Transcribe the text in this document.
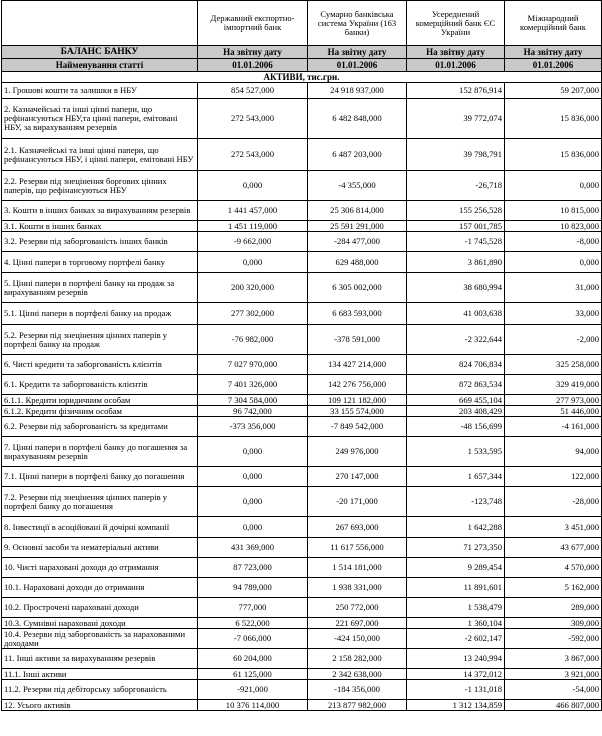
	Державний експортно-імпортний банк	Сумарно банківська система України (163 банки)	Усереднений комерційний банк ЄС України	Міжнародний комерційний банк
БАЛАНС БАНКУ	На звітну дату	На звітну дату	На звітну дату	На звітну дату
Найменування статті	01.01.2006	01.01.2006	01.01.2006	01.01.2006
АКТИВИ, тис.грн.				
1. Грошові кошти та залишки в НБУ	854 527,000	24 918 937,000	152 876,914	59 207,000
2. Казначейські та інші цінні папери, що рефінансуються НБУ,та цінні папери, емітовані НБУ, за вирахуванням резервів	272 543,000	6 482 848,000	39 772,074	15 836,000
2.1. Казначейські та інші цінні папери, що рефінансуються НБУ, і цінні папери, емітовані НБУ	272 543,000	6 487 203,000	39 798,791	15 836,000
2.2. Резерви під знецінення боргових цінних паперів, що рефінансуються НБУ	0,000	-4 355,000	-26,718	0,000
3. Кошти в інших банках за вирахуванням резервів	1 441 457,000	25 306 814,000	155 256,528	10 815,000
3.1. Кошти в інших банках	1 451 119,000	25 591 291,000	157 001,785	10 823,000
3.2. Резерви під заборгованість інших банків	-9 662,000	-284 477,000	-1 745,528	-8,000
4. Цінні папери в торговому портфелі банку	0,000	629 488,000	3 861,890	0,000
5. Цінні папери в портфелі банку на продаж за вирахуванням резервів	200 320,000	6 305 002,000	38 680,994	31,000
5.1. Цінні папери в портфелі банку на продаж	277 302,000	6 683 593,000	41 003,638	33,000
5.2. Резерви під знецінення цінних паперів у портфелі банку на продаж	-76 982,000	-378 591,000	-2 322,644	-2,000
6. Чисті кредити та заборгованість клієнтів	7 027 970,000	134 427 214,000	824 706,834	325 258,000
6.1. Кредити та заборгованість клієнтів	7 401 326,000	142 276 756,000	872 863,534	329 419,000
6.1.1. Кредити юридичним особам	7 304 584,000	109 121 182,000	669 455,104	277 973,000
6.1.2. Кредити фізичним особам	96 742,000	33 155 574,000	203 408,429	51 446,000
6.2. Резерви під заборгованість за кредитами	-373 356,000	-7 849 542,000	-48 156,699	-4 161,000
7. Цінні папери в портфелі банку до погашення за вирахуванням резервів	0,000	249 976,000	1 533,595	94,000
7.1. Цінні папери в портфелі банку до погашення	0,000	270 147,000	1 657,344	122,000
7.2. Резерви під знецінення цінних паперів у портфелі банку до погашення	0,000	-20 171,000	-123,748	-28,000
8. Інвестиції в асоційовані й дочірні компанії	0,000	267 693,000	1 642,288	3 451,000
9. Основні засоби та нематеріальні активи	431 369,000	11 617 556,000	71 273,350	43 677,000
10. Чисті нараховані доходи до отримання	87 723,000	1 514 181,000	9 289,454	4 570,000
10.1. Нараховані доходи до отримання	94 789,000	1 938 331,000	11 891,601	5 162,000
10.2. Прострочені нараховані доходи	777,000	250 772,000	1 538,479	289,000
10.3. Сумнівні нараховані доходи	6 522,000	221 697,000	1 360,104	309,000
10.4. Резерви під заборгованість за нарахованими доходами	-7 066,000	-424 150,000	-2 602,147	-592,000
11. Інші активи за вирахуванням резервів	60 204,000	2 158 282,000	13 240,994	3 867,000
11.1. Інші активи	61 125,000	2 342 638,000	14 372,012	3 921,000
11.2. Резерви під дебіторську заборгованість	-921,000	-184 356,000	-1 131,018	-54,000
12. Усього активів	10 376 114,000	213 877 982,000	1 312 134,859	466 807,000
